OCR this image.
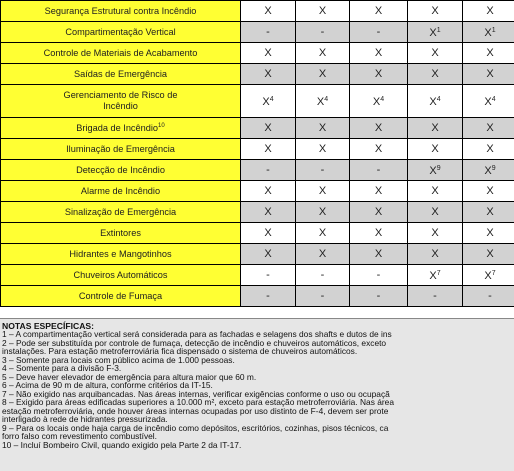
Segurança Estrutural contra Incêndio	X	X	X	X	X	
Compartimentação Vertical	-	-	-	$X^1$	$X^1$	
Controle de Materiais de Acabamento	X	X	X	X	X	
Saídas de Emergência	X	X	X	X	X	
Gerenciamento de Risco de Incêndio	$X^4$	$X^4$	$X^4$	$X^4$	$X^4$	
Brigada de Incêndio$^{10}$	X	X	X	X	X	
Iluminação de Emergência	X	X	X	X	X	
Detecção de Incêndio	-	-	-	$X^9$	$X^9$	
Alarme de Incêndio	X	X	X	X	X	
Sinalização de Emergência	X	X	X	X	X	
Extintores	X	X	X	X	X	
Hidrantes e Mangotinhos	X	X	X	X	X	
Chuveiros Automáticos	-	-	-	$X^7$	$X^7$	
Controle de Fumaça	-	-	-	-	-	
NOTAS ESPECÍFICAS:
1 – A compartimentação vertical será considerada para as fachadas e selagens dos shafts e dutos de ins
2 – Pode ser substituída por controle de fumaça, detecção de incêndio e chuveiros automáticos, exceto
instalações. Para estação metroferroviária fica dispensado o sistema de chuveiros automáticos.
3 – Somente para locais com público acima de 1.000 pessoas.
4 – Somente para a divisão F-3.
5 – Deve haver elevador de emergência para altura maior que 60 m.
6 – Acima de 90 m de altura, conforme critérios da IT-15.
7 – Não exigido nas arquibancadas. Nas áreas internas, verificar exigências conforme o uso ou ocupaçã
8 – Exigido para áreas edificadas superiores a 10.000 m², exceto para estação metroferroviária. Nas área
estação metroferroviária, onde houver áreas internas ocupadas por uso distinto de F-4, devem ser prote
interligado à rede de hidrantes pressurizada.
9 – Para os locais onde haja carga de incêndio como depósitos, escritórios, cozinhas, pisos técnicos, ca
forro falso com revestimento combustível.
10 – Incluí Bombeiro Civil, quando exigido pela Parte 2 da IT-17.
